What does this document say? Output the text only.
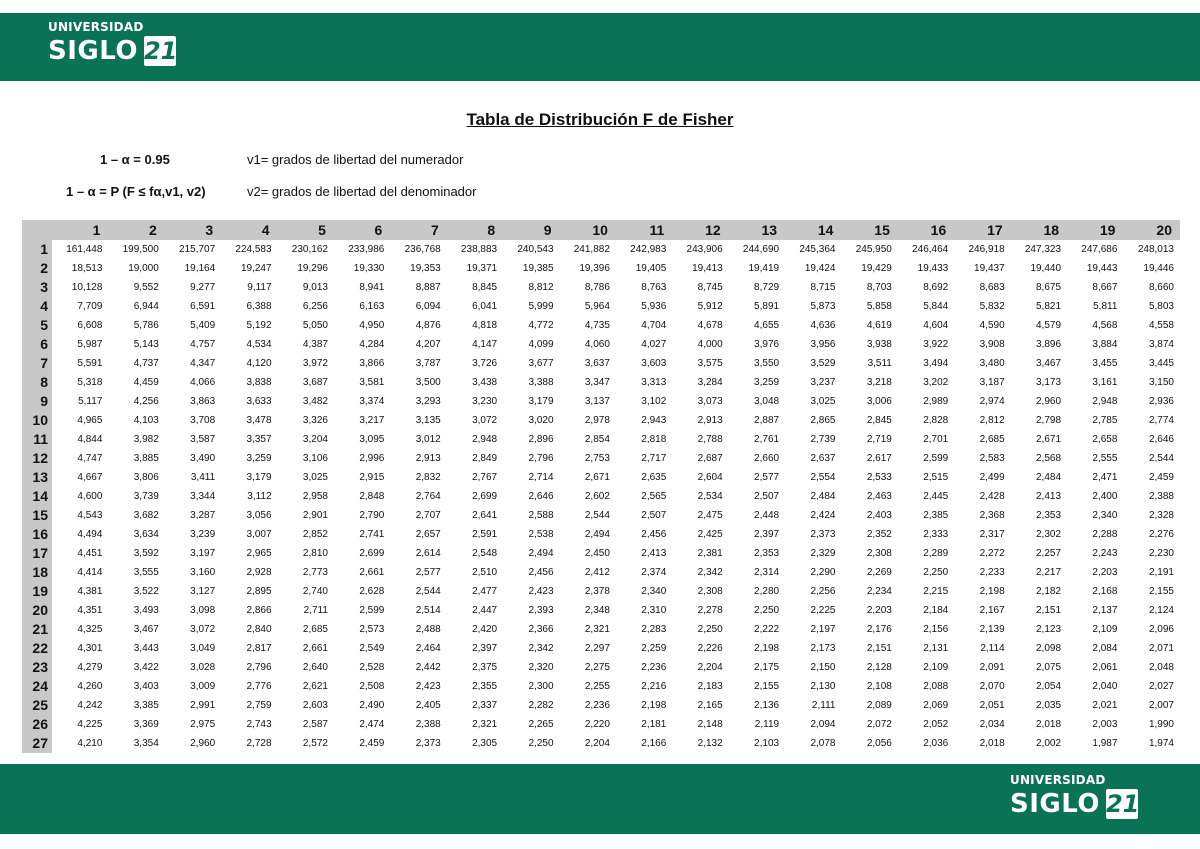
UNIVERSIDAD
SIGLO 21
Tabla de Distribución F de Fisher
1 – α = 0.95	v1= grados de libertad del numerador
1 – α = P (F ≤ fα,v1, v2)	v2= grados de libertad del denominador
	1	2	3	4	5	6	7	8	9	10	11	12	13	14	15	16	17	18	19	20
1	161,448	199,500	215,707	224,583	230,162	233,986	236,768	238,883	240,543	241,882	242,983	243,906	244,690	245,364	245,950	246,464	246,918	247,323	247,686	248,013
2	18,513	19,000	19,164	19,247	19,296	19,330	19,353	19,371	19,385	19,396	19,405	19,413	19,419	19,424	19,429	19,433	19,437	19,440	19,443	19,446
3	10,128	9,552	9,277	9,117	9,013	8,941	8,887	8,845	8,812	8,786	8,763	8,745	8,729	8,715	8,703	8,692	8,683	8,675	8,667	8,660
4	7,709	6,944	6,591	6,388	6,256	6,163	6,094	6,041	5,999	5,964	5,936	5,912	5,891	5,873	5,858	5,844	5,832	5,821	5,811	5,803
5	6,608	5,786	5,409	5,192	5,050	4,950	4,876	4,818	4,772	4,735	4,704	4,678	4,655	4,636	4,619	4,604	4,590	4,579	4,568	4,558
6	5,987	5,143	4,757	4,534	4,387	4,284	4,207	4,147	4,099	4,060	4,027	4,000	3,976	3,956	3,938	3,922	3,908	3,896	3,884	3,874
7	5,591	4,737	4,347	4,120	3,972	3,866	3,787	3,726	3,677	3,637	3,603	3,575	3,550	3,529	3,511	3,494	3,480	3,467	3,455	3,445
8	5,318	4,459	4,066	3,838	3,687	3,581	3,500	3,438	3,388	3,347	3,313	3,284	3,259	3,237	3,218	3,202	3,187	3,173	3,161	3,150
9	5,117	4,256	3,863	3,633	3,482	3,374	3,293	3,230	3,179	3,137	3,102	3,073	3,048	3,025	3,006	2,989	2,974	2,960	2,948	2,936
10	4,965	4,103	3,708	3,478	3,326	3,217	3,135	3,072	3,020	2,978	2,943	2,913	2,887	2,865	2,845	2,828	2,812	2,798	2,785	2,774
11	4,844	3,982	3,587	3,357	3,204	3,095	3,012	2,948	2,896	2,854	2,818	2,788	2,761	2,739	2,719	2,701	2,685	2,671	2,658	2,646
12	4,747	3,885	3,490	3,259	3,106	2,996	2,913	2,849	2,796	2,753	2,717	2,687	2,660	2,637	2,617	2,599	2,583	2,568	2,555	2,544
13	4,667	3,806	3,411	3,179	3,025	2,915	2,832	2,767	2,714	2,671	2,635	2,604	2,577	2,554	2,533	2,515	2,499	2,484	2,471	2,459
14	4,600	3,739	3,344	3,112	2,958	2,848	2,764	2,699	2,646	2,602	2,565	2,534	2,507	2,484	2,463	2,445	2,428	2,413	2,400	2,388
15	4,543	3,682	3,287	3,056	2,901	2,790	2,707	2,641	2,588	2,544	2,507	2,475	2,448	2,424	2,403	2,385	2,368	2,353	2,340	2,328
16	4,494	3,634	3,239	3,007	2,852	2,741	2,657	2,591	2,538	2,494	2,456	2,425	2,397	2,373	2,352	2,333	2,317	2,302	2,288	2,276
17	4,451	3,592	3,197	2,965	2,810	2,699	2,614	2,548	2,494	2,450	2,413	2,381	2,353	2,329	2,308	2,289	2,272	2,257	2,243	2,230
18	4,414	3,555	3,160	2,928	2,773	2,661	2,577	2,510	2,456	2,412	2,374	2,342	2,314	2,290	2,269	2,250	2,233	2,217	2,203	2,191
19	4,381	3,522	3,127	2,895	2,740	2,628	2,544	2,477	2,423	2,378	2,340	2,308	2,280	2,256	2,234	2,215	2,198	2,182	2,168	2,155
20	4,351	3,493	3,098	2,866	2,711	2,599	2,514	2,447	2,393	2,348	2,310	2,278	2,250	2,225	2,203	2,184	2,167	2,151	2,137	2,124
21	4,325	3,467	3,072	2,840	2,685	2,573	2,488	2,420	2,366	2,321	2,283	2,250	2,222	2,197	2,176	2,156	2,139	2,123	2,109	2,096
22	4,301	3,443	3,049	2,817	2,661	2,549	2,464	2,397	2,342	2,297	2,259	2,226	2,198	2,173	2,151	2,131	2,114	2,098	2,084	2,071
23	4,279	3,422	3,028	2,796	2,640	2,528	2,442	2,375	2,320	2,275	2,236	2,204	2,175	2,150	2,128	2,109	2,091	2,075	2,061	2,048
24	4,260	3,403	3,009	2,776	2,621	2,508	2,423	2,355	2,300	2,255	2,216	2,183	2,155	2,130	2,108	2,088	2,070	2,054	2,040	2,027
25	4,242	3,385	2,991	2,759	2,603	2,490	2,405	2,337	2,282	2,236	2,198	2,165	2,136	2,111	2,089	2,069	2,051	2,035	2,021	2,007
26	4,225	3,369	2,975	2,743	2,587	2,474	2,388	2,321	2,265	2,220	2,181	2,148	2,119	2,094	2,072	2,052	2,034	2,018	2,003	1,990
27	4,210	3,354	2,960	2,728	2,572	2,459	2,373	2,305	2,250	2,204	2,166	2,132	2,103	2,078	2,056	2,036	2,018	2,002	1,987	1,974
UNIVERSIDAD
SIGLO 21
